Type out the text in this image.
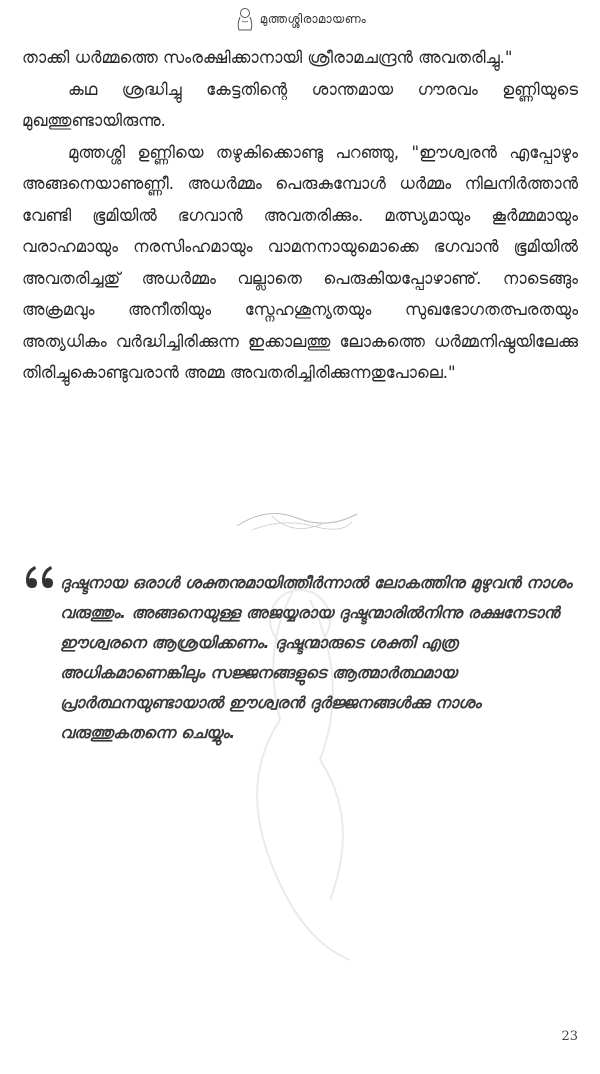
മുത്തശ്ശിരാമായണം

താക്കി ധർമ്മത്തെ സംരക്ഷിക്കാനായി ശ്രീരാമചന്ദ്രൻ അവതരിച്ചു."

കഥ ശ്രദ്ധിച്ചു കേട്ടതിന്റെ ശാന്തമായ ഗൗരവം ഉണ്ണിയുടെ മുഖത്തുണ്ടായിരുന്നു.

മുത്തശ്ശി ഉണ്ണിയെ തഴുകിക്കൊണ്ടു പറഞ്ഞു, "ഈശ്വരൻ എപ്പോഴും അങ്ങനെയാണുണ്ണീ. അധർമ്മം പെരുകുമ്പോൾ ധർമ്മം നിലനിർത്താൻ വേണ്ടി ഭൂമിയിൽ ഭഗവാൻ അവതരിക്കും. മത്സ്യമായും കൂർമ്മമായും വരാഹമായും നരസിംഹമായും വാമനനായുമൊക്കെ ഭഗവാൻ ഭൂമിയിൽ അവതരിച്ചതു് അധർമ്മം വല്ലാതെ പെരുകിയപ്പോഴാണു്. നാടെങ്ങും അക്രമവും അനീതിയും സ്നേഹശൂന്യതയും സുഖഭോഗതത്പരതയും അത്യധികം വർദ്ധിച്ചിരിക്കുന്ന ഇക്കാലത്തു ലോകത്തെ ധർമ്മനിഷ്ഠയിലേക്കു തിരിച്ചുകൊണ്ടുവരാൻ അമ്മ അവതരിച്ചിരിക്കുന്നതുപോലെ."

ദുഷ്ടനായ ഒരാൾ ശക്തനുമായിത്തീർന്നാൽ ലോകത്തിനു മുഴുവൻ നാശം വരുത്തും. അങ്ങനെയുള്ള അജയ്യരായ ദുഷ്ടന്മാരിൽനിന്നു രക്ഷനേടാൻ ഈശ്വരനെ ആശ്രയിക്കണം. ദുഷ്ടന്മാരുടെ ശക്തി എത്ര അധികമാണെങ്കിലും സജ്ജനങ്ങളുടെ ആത്മാർത്ഥമായ പ്രാർത്ഥനയുണ്ടായാൽ ഈശ്വരൻ ദുർജ്ജനങ്ങൾക്കു നാശം വരുത്തുകതന്നെ ചെയ്യും.
23
